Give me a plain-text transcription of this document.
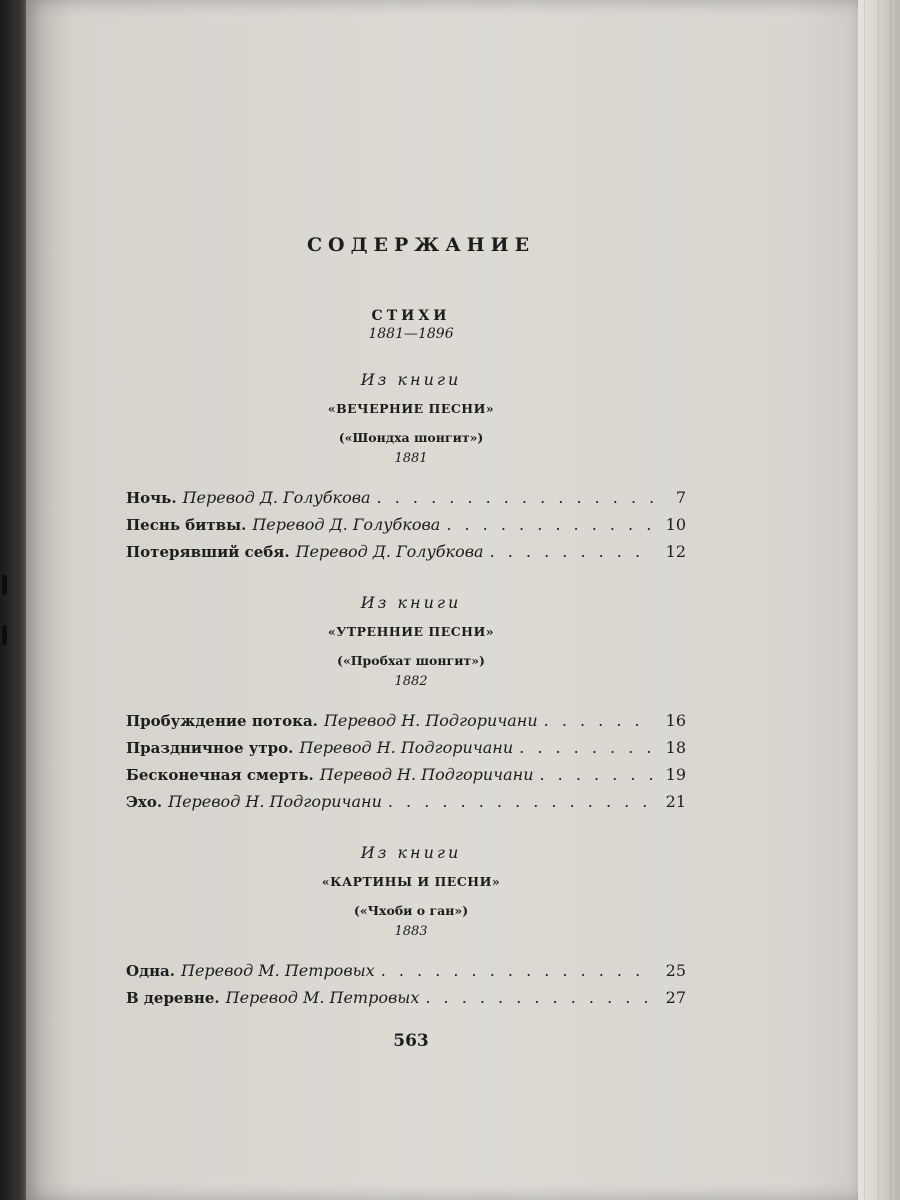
СОДЕРЖАНИЕ
СТИХИ
1881—1896
Из книги
«ВЕЧЕРНИЕ ПЕСНИ»
(«Шондха шонгит»)
1881
Ночь. Перевод Д. Голубкова . . .	7
Песнь битвы. Перевод Д. Голубкова . . .	10
Потерявший себя. Перевод Д. Голубкова . . .	12
Из книги
«УТРЕННИЕ ПЕСНИ»
(«Пробхат шонгит»)
1882
Пробуждение потока. Перевод Н. Подгоричани . . .	16
Праздничное утро. Перевод Н. Подгоричани . . .	18
Бесконечная смерть. Перевод Н. Подгоричани . . .	19
Эхо. Перевод Н. Подгоричани . . .	21
Из книги
«КАРТИНЫ И ПЕСНИ»
(«Чхоби о ган»)
1883
Одна. Перевод М. Петровых . . .	25
В деревне. Перевод М. Петровых . . .	27
563
